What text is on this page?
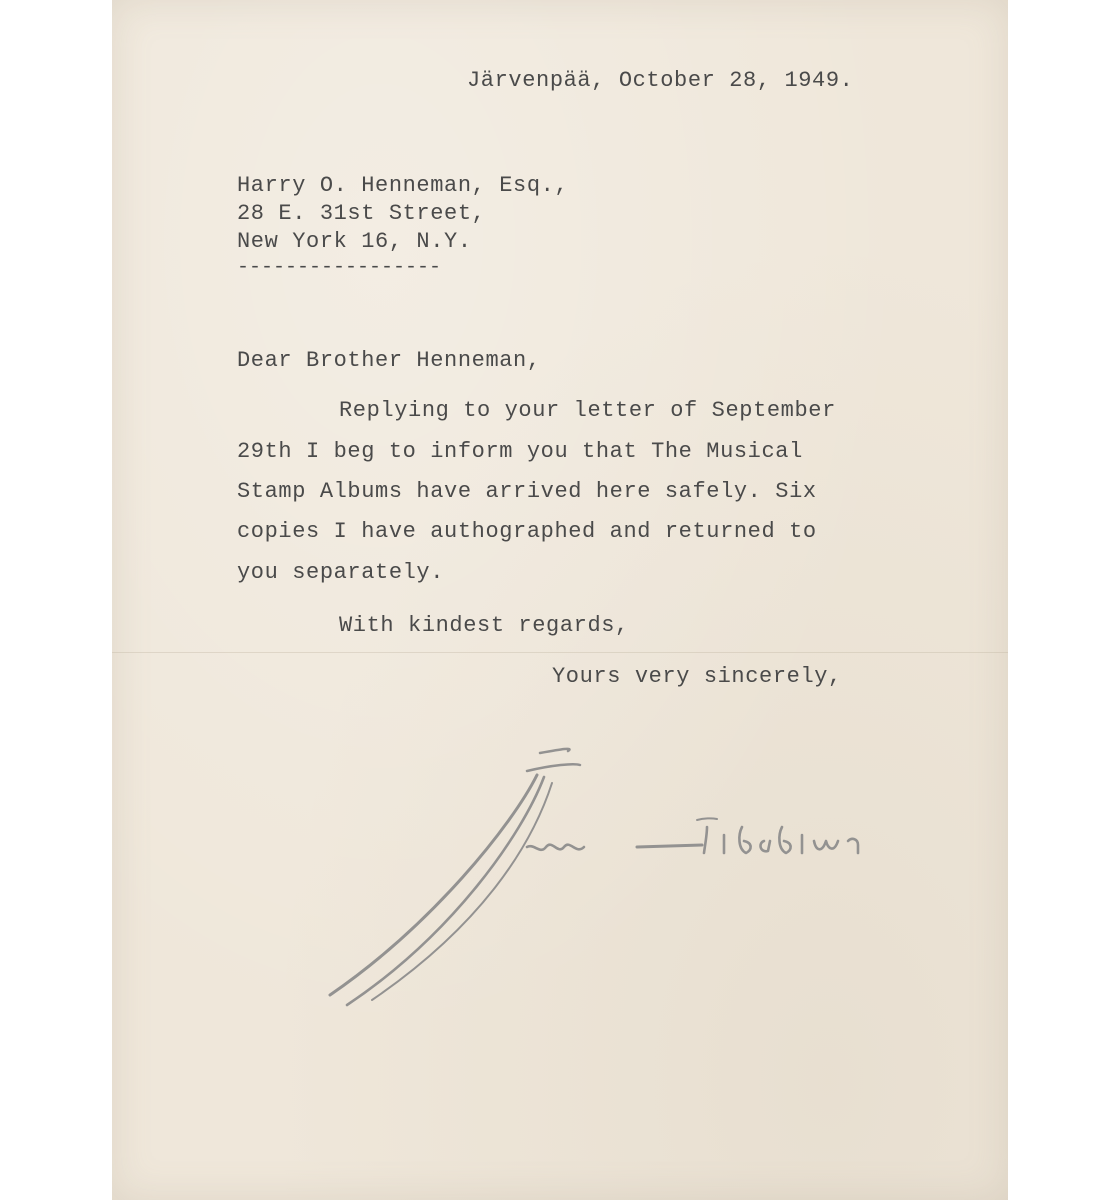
Järvenpää, October 28, 1949.
Harry O. Henneman, Esq.,
28 E. 31st Street,
New York 16, N.Y.
-----------------
Dear Brother Henneman,
Replying to your letter of September
29th I beg to inform you that The Musical
Stamp Albums have arrived here safely. Six
copies I have authographed and returned to
you separately.
With kindest regards,
Yours very sincerely,
